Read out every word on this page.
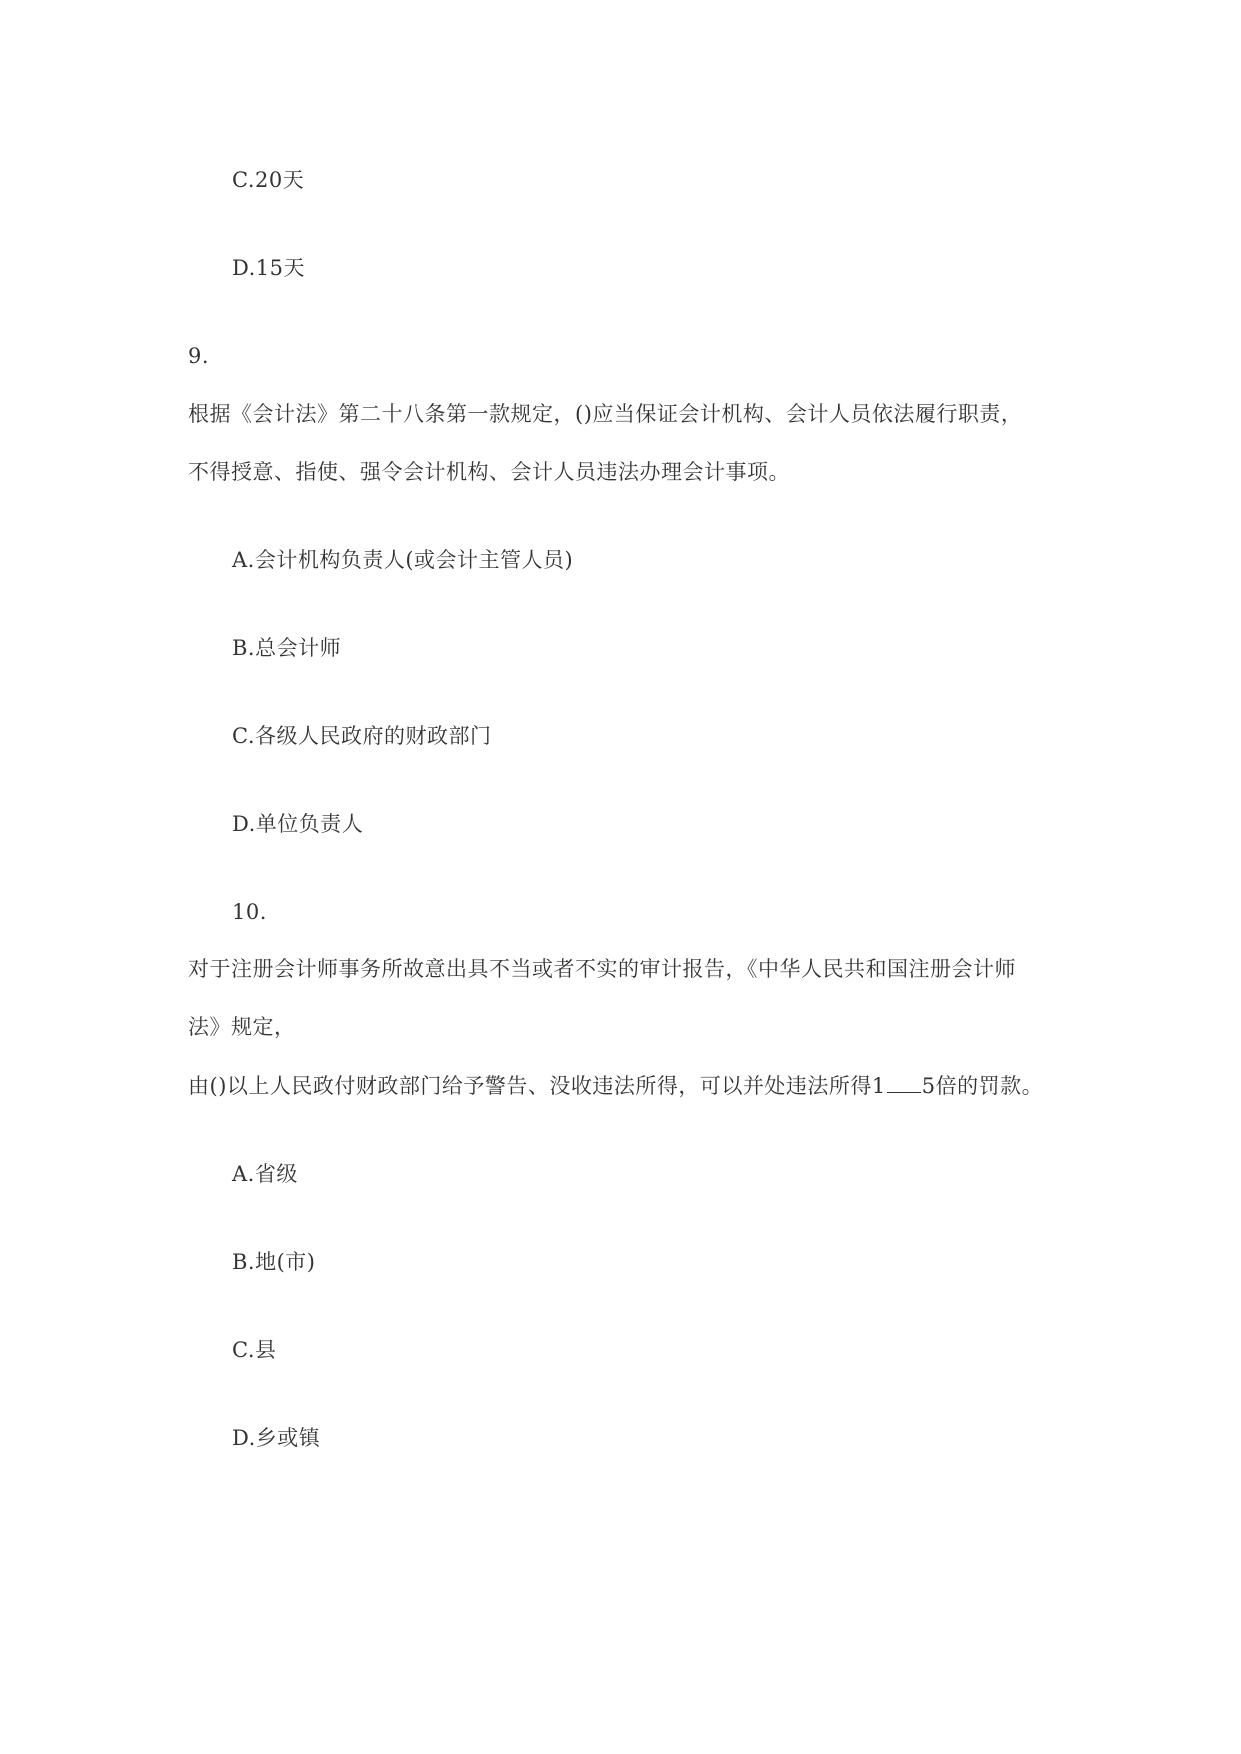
C.20天
D.15天
9.
根据《会计法》第二十八条第一款规定，()应当保证会计机构、会计人员依法履行职责，
不得授意、指使、强令会计机构、会计人员违法办理会计事项。
A.会计机构负责人(或会计主管人员)
B.总会计师
C.各级人民政府的财政部门
D.单位负责人
10.
对于注册会计师事务所故意出具不当或者不实的审计报告，《中华人民共和国注册会计师
法》规定，
由()以上人民政付财政部门给予警告、没收违法所得，可以并处违法所得1 5倍的罚款。
A.省级
B.地(市)
C.县
D.乡或镇
